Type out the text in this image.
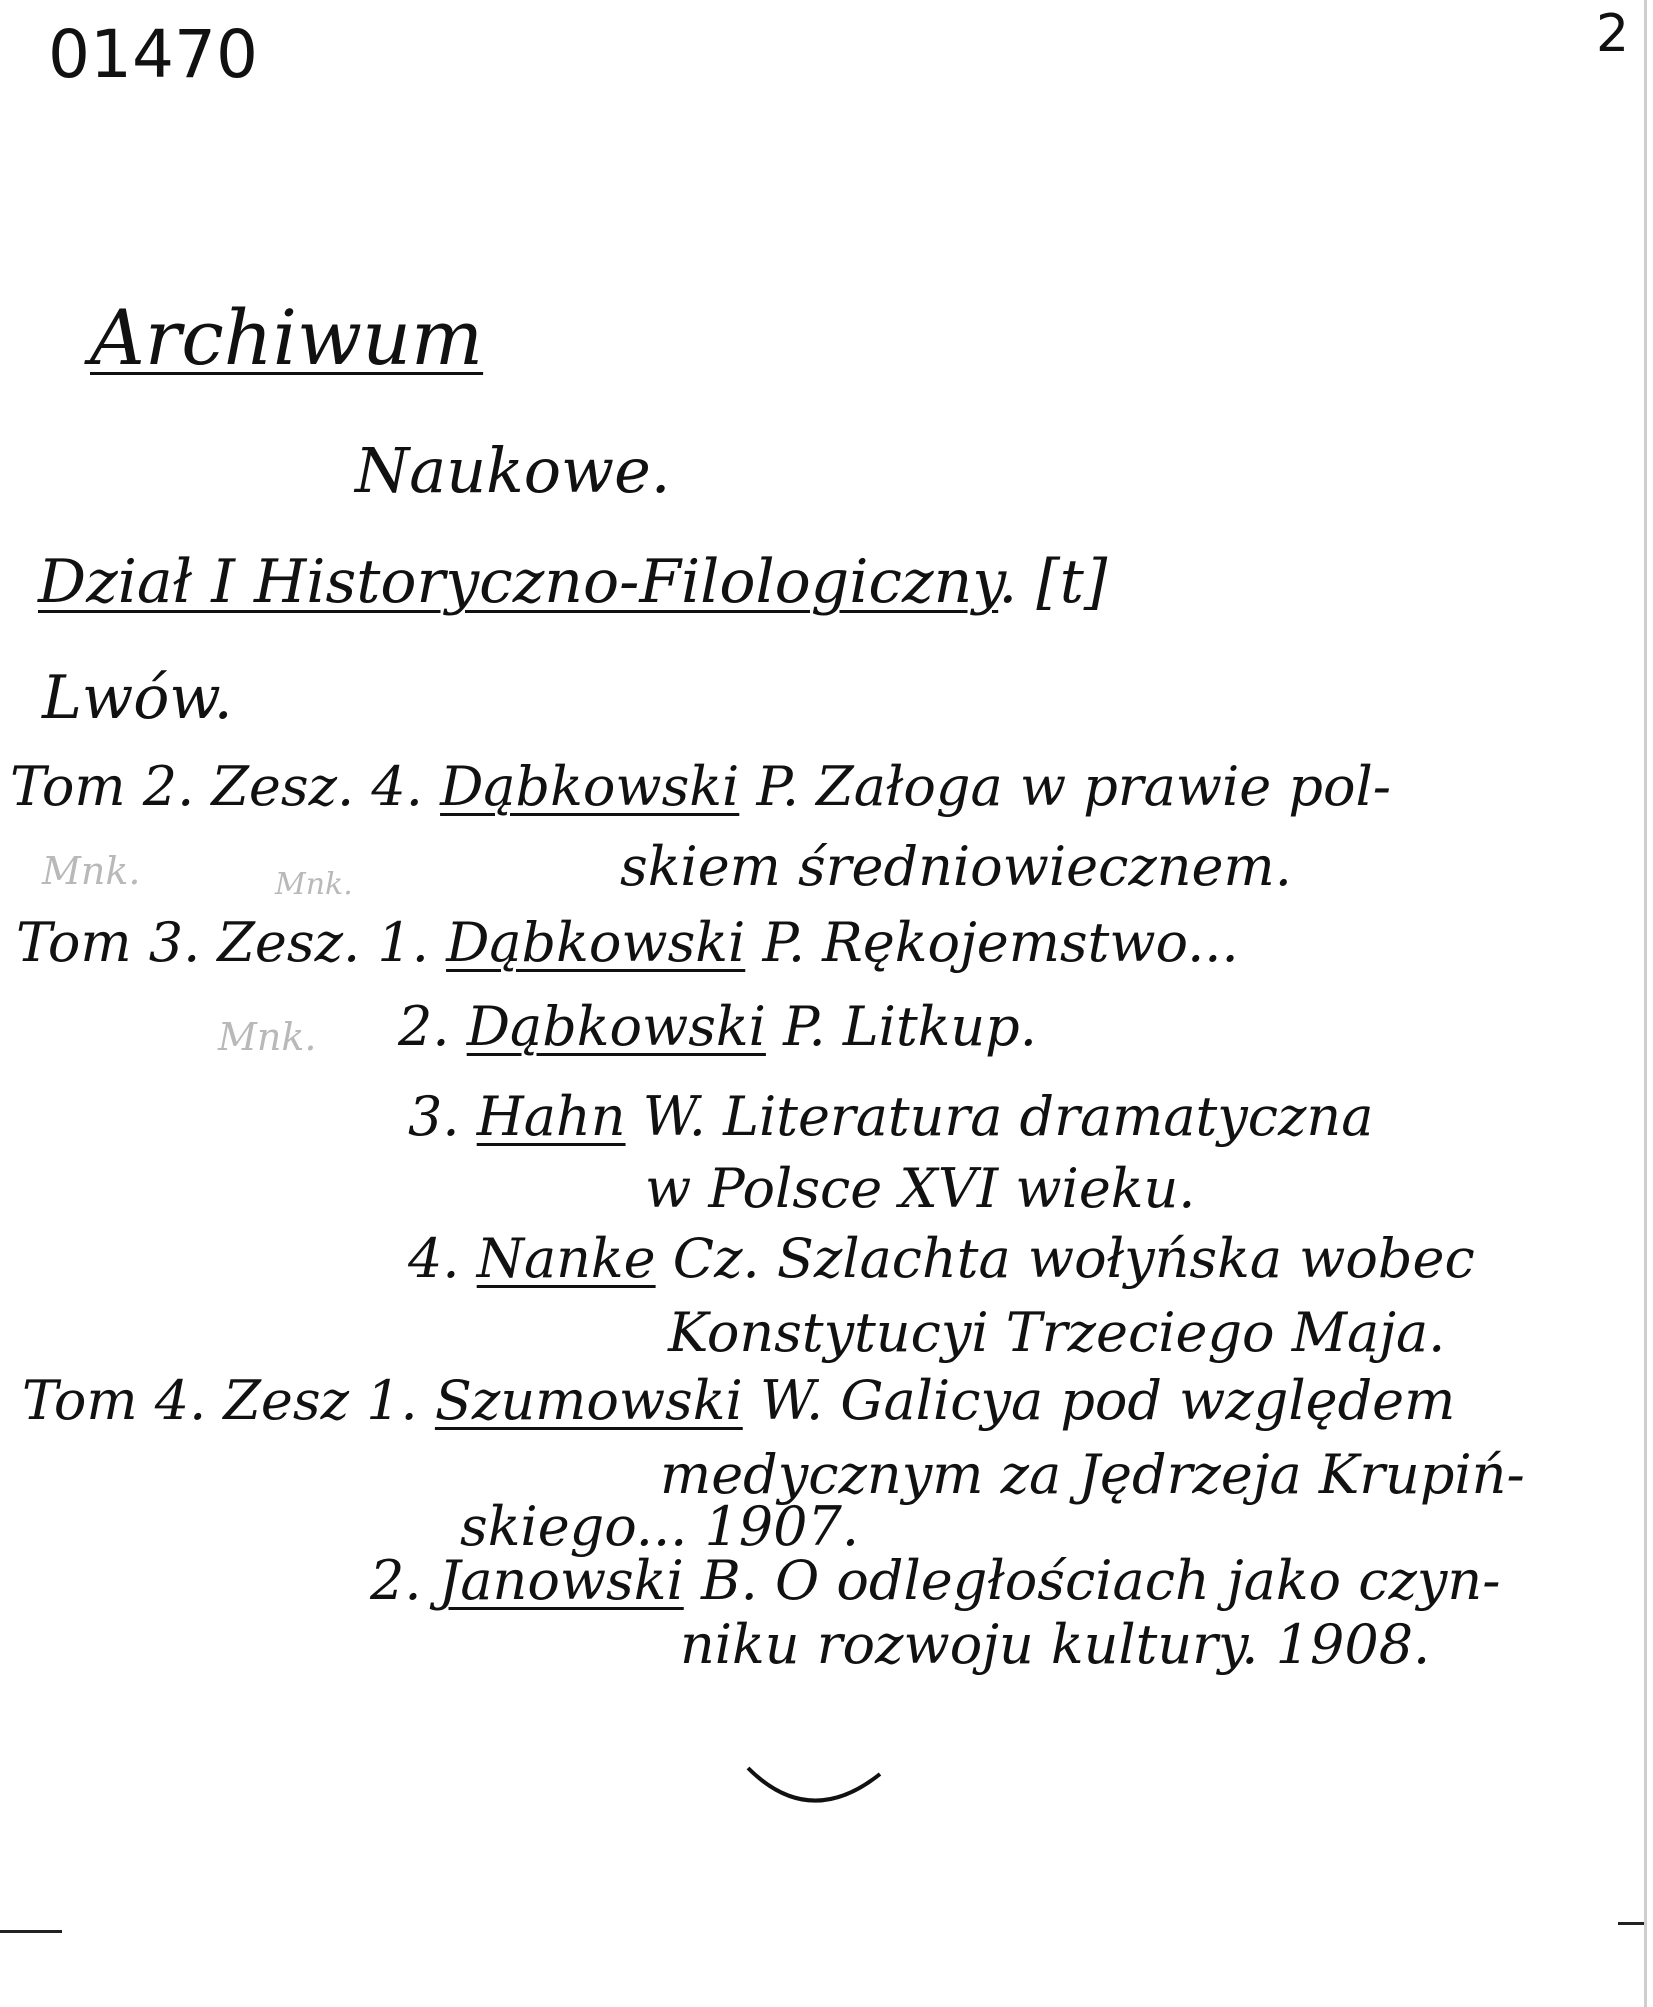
01470	2
Archiwum
Naukowe.
Dział I Historyczno-Filologiczny. [t]
Lwów.
Tom 2. Zesz. 4. Dąbkowski P. Załoga w prawie pol-
Mnk.	skiem średniowiecznem.
Mnk.
Tom 3. Zesz. 1. Dąbkowski P. Rękojemstwo...
Mnk. 2. Dąbkowski P. Litkup.
3. Hahn W. Literatura dramatyczna
w Polsce XVI wieku.
4. Nanke Cz. Szlachta wołyńska wobec
Konstytucyi Trzeciego Maja.
Tom 4. Zesz 1. Szumowski W. Galicya pod względem
medycznym za Jędrzeja Krupiń-
skiego... 1907.
2. Janowski B. O odległościach jako czyn-
niku rozwoju kultury. 1908.
